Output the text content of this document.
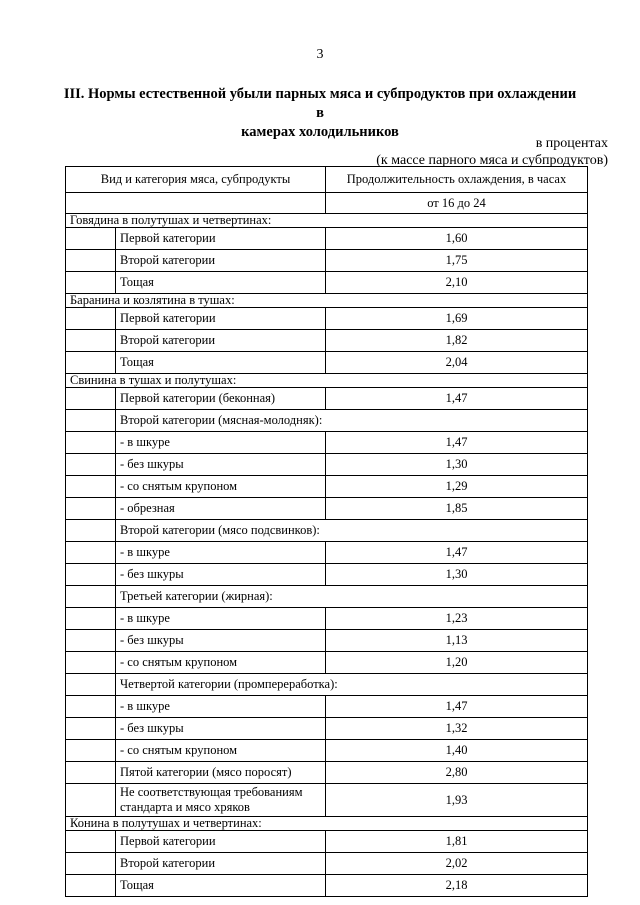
3
III. Нормы естественной убыли парных мяса и субпродуктов при охлаждении в
камерах холодильников
в процентах
(к массе парного мяса и субпродуктов)
Вид и категория мяса, субпродукты		Продолжительность охлаждения, в часах
		от 16 до 24
Говядина в полутушах и четвертинах:		
	Первой категории	1,60
	Второй категории	1,75
	Тощая	2,10
Баранина и козлятина в тушах:		
	Первой категории	1,69
	Второй категории	1,82
	Тощая	2,04
Свинина в тушах и полутушах:		
	Первой категории (беконная)	1,47
	Второй категории (мясная-молодняк):	
	- в шкуре	1,47
	- без шкуры	1,30
	- со снятым крупоном	1,29
	- обрезная	1,85
	Второй категории (мясо подсвинков):	
	- в шкуре	1,47
	- без шкуры	1,30
	Третьей категории (жирная):	
	- в шкуре	1,23
	- без шкуры	1,13
	- со снятым крупоном	1,20
	Четвертой категории (промпереработка):	
	- в шкуре	1,47
	- без шкуры	1,32
	- со снятым крупоном	1,40
	Пятой категории (мясо поросят)	2,80
	Не соответствующая требованиям стандарта и мясо хряков	1,93
Конина в полутушах и четвертинах:		
	Первой категории	1,81
	Второй категории	2,02
	Тощая	2,18
